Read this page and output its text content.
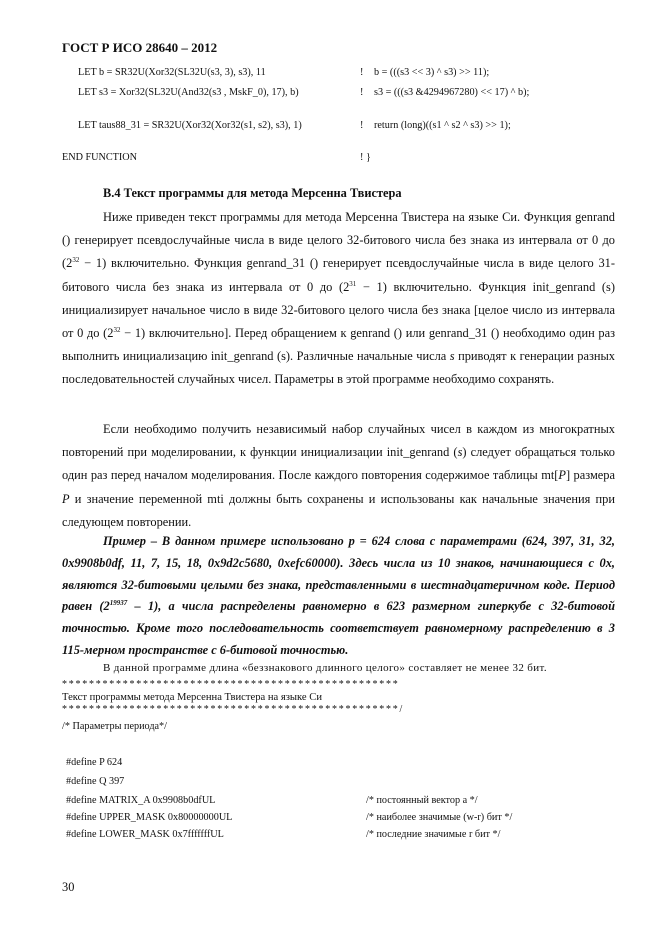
ГОСТ Р ИСО 28640 – 2012
LET b = SR32U(Xor32(SL32U(s3, 3), s3), 11	! b = (((s3 << 3) ^ s3) >> 11);
LET s3 = Xor32(SL32U(And32(s3 , MskF_0), 17), b)	! s3 = (((s3 &4294967280) << 17) ^ b);
LET taus88_31 = SR32U(Xor32(Xor32(s1, s2), s3), 1)	! return (long)((s1 ^ s2 ^ s3) >> 1);
END FUNCTION	! }
В.4 Текст программы для метода Мерсенна Твистера
Ниже приведен текст программы для метода Мерсенна Твистера на языке Си. Функция genrand () генерирует псевдослучайные числа в виде целого 32-битового числа без знака из интервала от 0 до $(2^{32} - 1)$ включительно. Функция genrand_31 () генерирует псевдослучайные числа в виде целого 31-битового числа без знака из интервала от 0 до $(2^{31} - 1)$ включительно. Функция init_genrand (s) инициализирует начальное число в виде 32-битового целого числа без знака [целое число из интервала от 0 до $(2^{32} - 1)$ включительно]. Перед обращением к genrand () или genrand_31 () необходимо один раз выполнить инициализацию init_genrand (s). Различные начальные числа s приводят к генерации разных последовательностей случайных чисел. Параметры в этой программе необходимо сохранять.
Если необходимо получить независимый набор случайных чисел в каждом из многократных повторений при моделировании, к функции инициализации init_genrand (s) следует обращаться только один раз перед началом моделирования. После каждого повторения содержимое таблицы mt[P] размера P и значение переменной mti должны быть сохранены и использованы как начальные значения при следующем повторении.
Пример – В данном примере использовано p = 624 слова с параметрами (624, 397, 31, 32, 0x9908b0df, 11, 7, 15, 18, 0x9d2c5680, 0xefc60000). Здесь числа из 10 знаков, начинающиеся с 0x, являются 32-битовыми целыми без знака, представленными в шестнадцатеричном коде. Период равен $(2^{19937} - 1)$, а числа распределены равномерно в 623 размерном гиперкубе с 32-битовой точностью. Кроме того последовательность соответствует равномерному распределению в 3 115-мерном пространстве с 6-битовой точностью.
В данной программе длина «беззнакового длинного целого» составляет не менее 32 бит.
**************************************************
Текст программы метода Мерсенна Твистера на языке Си
**************************************************/
/* Параметры периода*/
#define P 624
#define Q 397
#define MATRIX_A 0x9908b0dfUL	/* постоянный вектор a */
#define UPPER_MASK 0x80000000UL	/* наиболее значимые (w-r) бит */
#define LOWER_MASK 0x7fffffffUL	/* последние значимые r бит */
30
